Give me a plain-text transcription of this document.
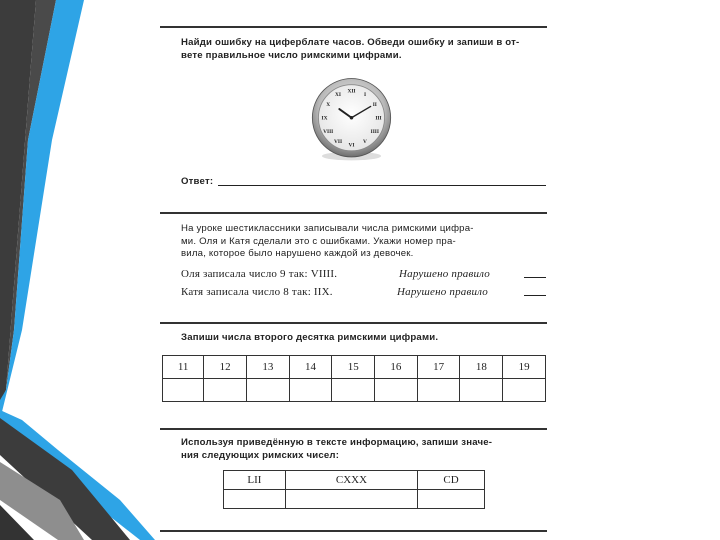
Найди ошибку на циферблате часов. Обведи ошибку и запиши в от-
вете правильное число римскими цифрами.
XII
I
II
III
IIII
V
VI
VII
VIII
IX
X
XI
Ответ:
На уроке шестиклассники записывали числа римскими цифра-
ми. Оля и Катя сделали это с ошибками. Укажи номер пра-
вила, которое было нарушено каждой из девочек.
Оля записала число 9 так: VIIII.	Нарушено правило
Катя записала число 8 так: IIX.	Нарушено правило
Запиши числа второго десятка римскими цифрами.
11	12	13	14	15	16	17	18	19

Используя приведённую в тексте информацию, запиши значе-
ния следующих римских чисел:
LII	CXXX	CD
